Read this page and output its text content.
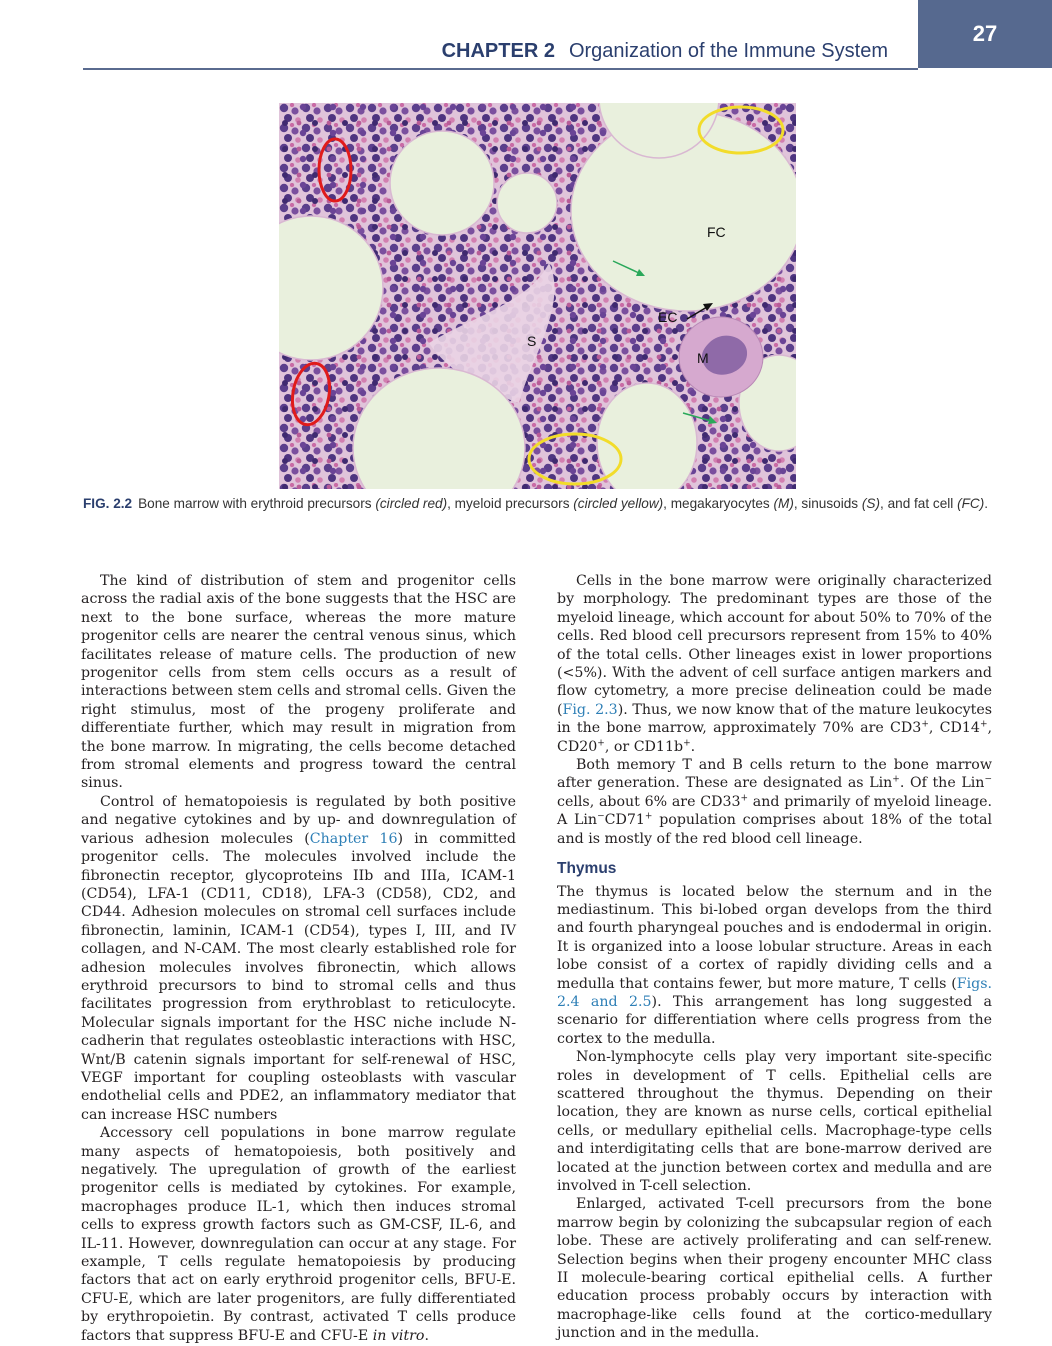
CHAPTER 2 Organization of the Immune System
27
FC
EC
S
M
FIG. 2.2 Bone marrow with erythroid precursors (circled red), myeloid precursors (circled yellow), megakaryocytes (M), sinusoids (S), and fat cell (FC).

The kind of distribution of stem and progenitor cells across the radial axis of the bone suggests that the HSC are next to the bone surface, whereas the more mature progenitor cells are nearer the central venous sinus, which facilitates release of mature cells. The production of new progenitor cells from stem cells occurs as a result of interactions between stem cells and stromal cells. Given the right stimulus, most of the progeny proliferate and differentiate further, which may result in migration from the bone marrow. In migrating, the cells become detached from stromal elements and progress toward the central sinus.

Control of hematopoiesis is regulated by both positive and negative cytokines and by up- and downregulation of various adhesion molecules (Chapter 16) in committed progenitor cells. The molecules involved include the fibronectin receptor, glycoproteins IIb and IIIa, ICAM-1 (CD54), LFA-1 (CD11, CD18), LFA-3 (CD58), CD2, and CD44. Adhesion molecules on stromal cell surfaces include fibronectin, laminin, ICAM-1 (CD54), types I, III, and IV collagen, and N-CAM. The most clearly established role for adhesion molecules involves fibronectin, which allows erythroid precursors to bind to stromal cells and thus facilitates progression from erythroblast to reticulocyte. Molecular signals important for the HSC niche include N-cadherin that regulates osteoblastic interactions with HSC, Wnt/B catenin signals important for self-renewal of HSC, VEGF important for coupling osteoblasts with vascular endothelial cells and PDE2, an inflammatory mediator that can increase HSC numbers

Accessory cell populations in bone marrow regulate many aspects of hematopoiesis, both positively and negatively. The upregulation of growth of the earliest progenitor cells is mediated by cytokines. For example, macrophages produce IL-1, which then induces stromal cells to express growth factors such as GM-CSF, IL-6, and IL-11. However, downregulation can occur at any stage. For example, T cells regulate hematopoiesis by producing factors that act on early erythroid progenitor cells, BFU-E. CFU-E, which are later progenitors, are fully differentiated by erythropoietin. By contrast, activated T cells produce factors that suppress BFU-E and CFU-E in vitro.

Cells in the bone marrow were originally characterized by morphology. The predominant types are those of the myeloid lineage, which account for about 50% to 70% of the cells. Red blood cell precursors represent from 15% to 40% of the total cells. Other lineages exist in lower proportions (<5%). With the advent of cell surface antigen markers and flow cytometry, a more precise delineation could be made (Fig. 2.3). Thus, we now know that of the mature leukocytes in the bone marrow, approximately 70% are CD3+, CD14+, CD20+, or CD11b+.

Both memory T and B cells return to the bone marrow after generation. These are designated as Lin+. Of the Lin− cells, about 6% are CD33+ and primarily of myeloid lineage. A Lin−CD71+ population comprises about 18% of the total and is mostly of the red blood cell lineage.

Thymus

The thymus is located below the sternum and in the mediastinum. This bi-lobed organ develops from the third and fourth pharyngeal pouches and is endodermal in origin. It is organized into a loose lobular structure. Areas in each lobe consist of a cortex of rapidly dividing cells and a medulla that contains fewer, but more mature, T cells (Figs. 2.4 and 2.5). This arrangement has long suggested a scenario for differentiation where cells progress from the cortex to the medulla.

Non-lymphocyte cells play very important site-specific roles in development of T cells. Epithelial cells are scattered throughout the thymus. Depending on their location, they are known as nurse cells, cortical epithelial cells, or medullary epithelial cells. Macrophage-type cells and interdigitating cells that are bone-marrow derived are located at the junction between cortex and medulla and are involved in T-cell selection.

Enlarged, activated T-cell precursors from the bone marrow begin by colonizing the subcapsular region of each lobe. These are actively proliferating and can self-renew. Selection begins when their progeny encounter MHC class II molecule-bearing cortical epithelial cells. A further education process probably occurs by interaction with macrophage-like cells found at the cortico-medullary junction and in the medulla.
